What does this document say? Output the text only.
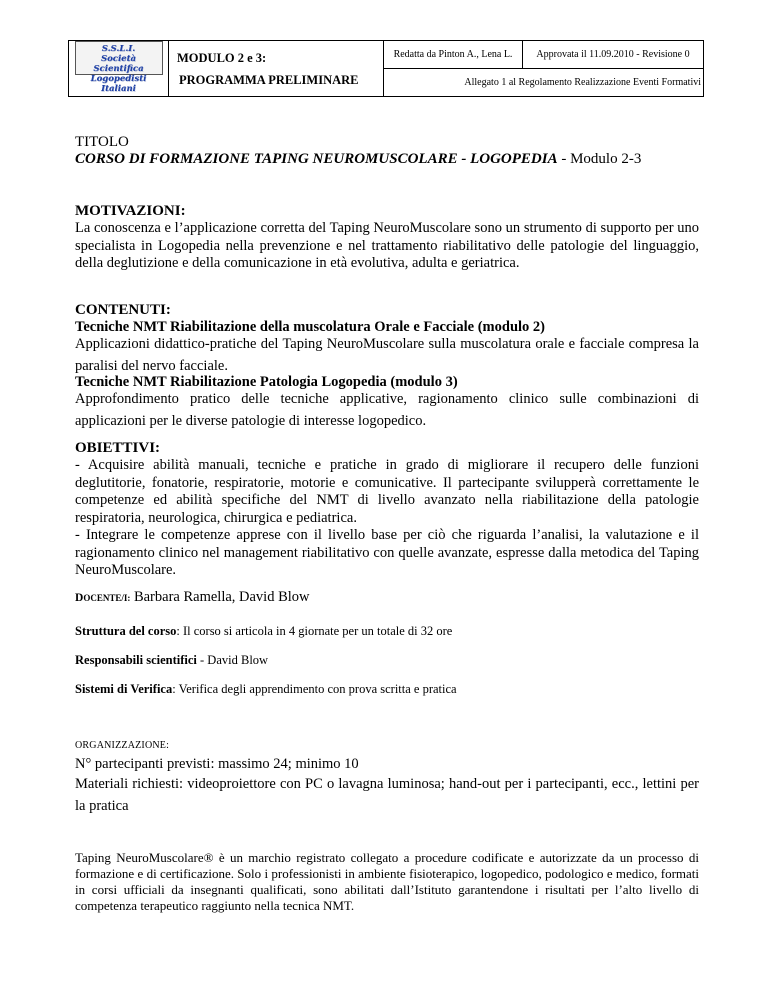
S.S.L.I.
Società Scientifica
Logopedisti Italiani

MODULO 2 e 3:
PROGRAMMA PRELIMINARE
	Redatta da Pinton A., Lena L.	Approvata il 11.09.2010 - Revisione 0
Allegato 1 al Regolamento Realizzazione Eventi Formativi
TITOLO
CORSO DI FORMAZIONE TAPING NEUROMUSCOLARE - LOGOPEDIA - Modulo 2-3
MOTIVAZIONI:
La conoscenza e l’applicazione corretta del Taping NeuroMuscolare sono un strumento di supporto per uno specialista in Logopedia nella prevenzione e nel trattamento riabilitativo delle patologie del linguaggio, della deglutizione e della comunicazione in età evolutiva, adulta e geriatrica.
CONTENUTI:
Tecniche NMT Riabilitazione della muscolatura Orale e Facciale (modulo 2)
Applicazioni didattico-pratiche del Taping NeuroMuscolare sulla muscolatura orale e facciale compresa la paralisi del nervo facciale.
Tecniche NMT Riabilitazione Patologia Logopedia (modulo 3)
Approfondimento pratico delle tecniche applicative, ragionamento clinico sulle combinazioni di applicazioni per le diverse patologie di interesse logopedico.
OBIETTIVI:
- Acquisire abilità manuali, tecniche e pratiche in grado di migliorare il recupero delle funzioni deglutitorie, fonatorie, respiratorie, motorie e comunicative. Il partecipante svilupperà correttamente le competenze ed abilità specifiche del NMT di livello avanzato nella riabilitazione della patologie respiratoria, neurologica, chirurgica e pediatrica.
- Integrare le competenze apprese con il livello base per ciò che riguarda l’analisi, la valutazione e il ragionamento clinico nel management riabilitativo con quelle avanzate, espresse dalla metodica del Taping NeuroMuscolare.
DOCENTE/I: Barbara Ramella, David Blow
Struttura del corso: Il corso si articola in 4 giornate per un totale di 32 ore
Responsabili scientifici - David Blow
Sistemi di Verifica: Verifica degli apprendimento con prova scritta e pratica
ORGANIZZAZIONE:
N° partecipanti previsti: massimo 24; minimo 10
Materiali richiesti: videoproiettore con PC o lavagna luminosa; hand-out per i partecipanti, ecc., lettini per la pratica
Taping NeuroMuscolare® è un marchio registrato collegato a procedure codificate e autorizzate da un processo di formazione e di certificazione. Solo i professionisti in ambiente fisioterapico, logopedico, podologico e medico, formati in corsi ufficiali da insegnanti qualificati, sono abilitati dall’Istituto garantendone i risultati per l’alto livello di competenza terapeutico raggiunto nella tecnica NMT.
